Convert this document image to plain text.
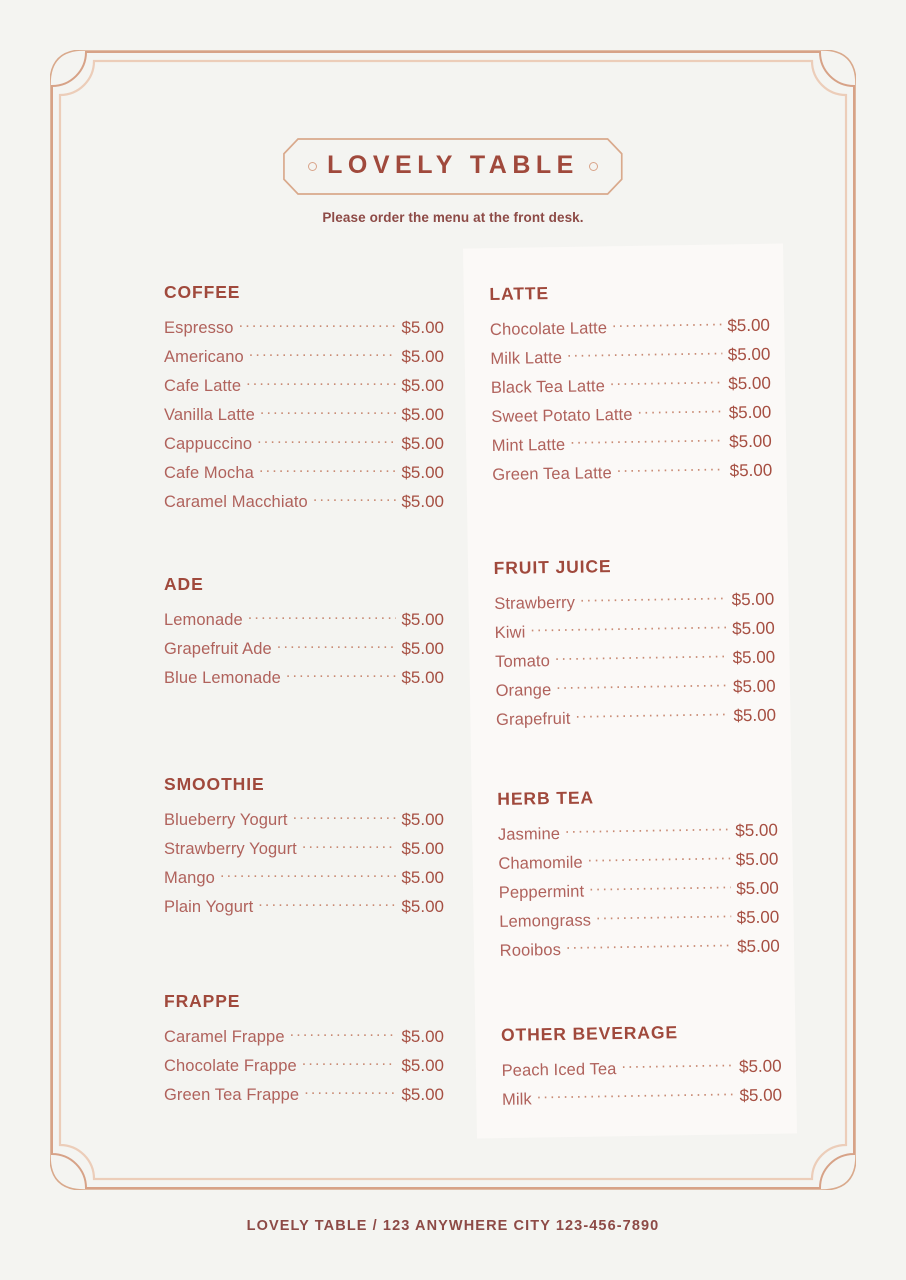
LOVELY TABLE
Please order the menu at the front desk.
COFFEE
Espresso .....	$5.00
Americano .....	$5.00
Cafe Latte .....	$5.00
Vanilla Latte .....	$5.00
Cappuccino .....	$5.00
Cafe Mocha .....	$5.00
Caramel Macchiato .....	$5.00
ADE
Lemonade .....	$5.00
Grapefruit Ade .....	$5.00
Blue Lemonade .....	$5.00
SMOOTHIE
Blueberry Yogurt .....	$5.00
Strawberry Yogurt .....	$5.00
Mango .....	$5.00
Plain Yogurt .....	$5.00
FRAPPE
Caramel Frappe .....	$5.00
Chocolate Frappe .....	$5.00
Green Tea Frappe .....	$5.00
LATTE
Chocolate Latte .....	$5.00
Milk Latte .....	$5.00
Black Tea Latte .....	$5.00
Sweet Potato Latte .....	$5.00
Mint Latte .....	$5.00
Green Tea Latte .....	$5.00
FRUIT JUICE
Strawberry .....	$5.00
Kiwi .....	$5.00
Tomato .....	$5.00
Orange .....	$5.00
Grapefruit .....	$5.00
HERB TEA
Jasmine .....	$5.00
Chamomile .....	$5.00
Peppermint .....	$5.00
Lemongrass .....	$5.00
Rooibos .....	$5.00
OTHER BEVERAGE
Peach Iced Tea .....	$5.00
Milk .....	$5.00
LOVELY TABLE / 123 ANYWHERE CITY 123-456-7890
